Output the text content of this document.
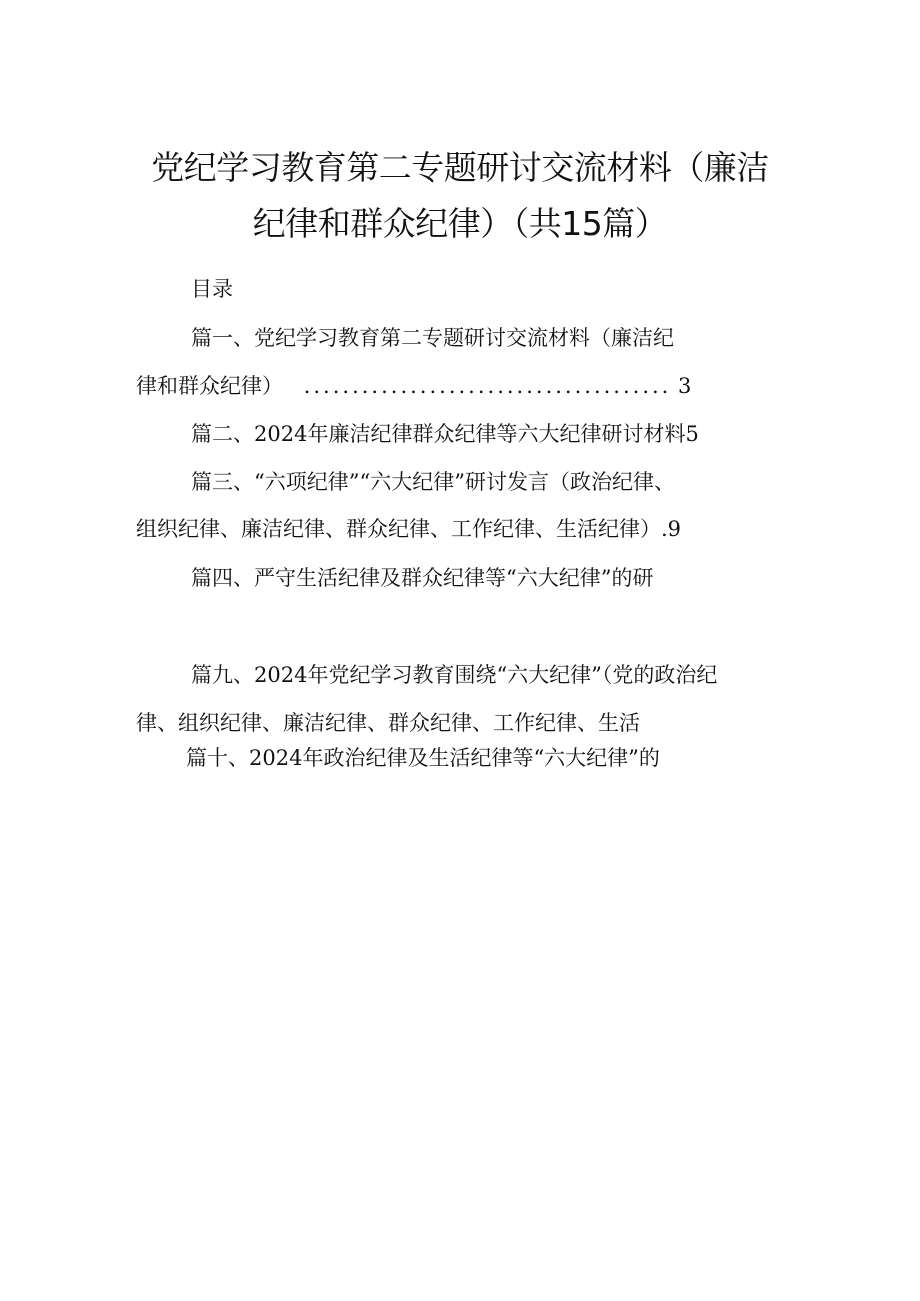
党纪学习教育第二专题研讨交流材料（廉洁
纪律和群众纪律）（共15篇）

目录

篇一、党纪学习教育第二专题研讨交流材料（廉洁纪

律和群众纪律） ...................................... 3

篇二、2024年廉洁纪律群众纪律等六大纪律研讨材料5

篇三、“六项纪律”“六大纪律”研讨发言（政治纪律、

组织纪律、廉洁纪律、群众纪律、工作纪律、生活纪律）.9

篇四、严守生活纪律及群众纪律等“六大纪律”的研

篇九、2024年党纪学习教育围绕“六大纪律”（党的政治纪

律、组织纪律、廉洁纪律、群众纪律、工作纪律、生活

篇十、2024年政治纪律及生活纪律等“六大纪律”的
